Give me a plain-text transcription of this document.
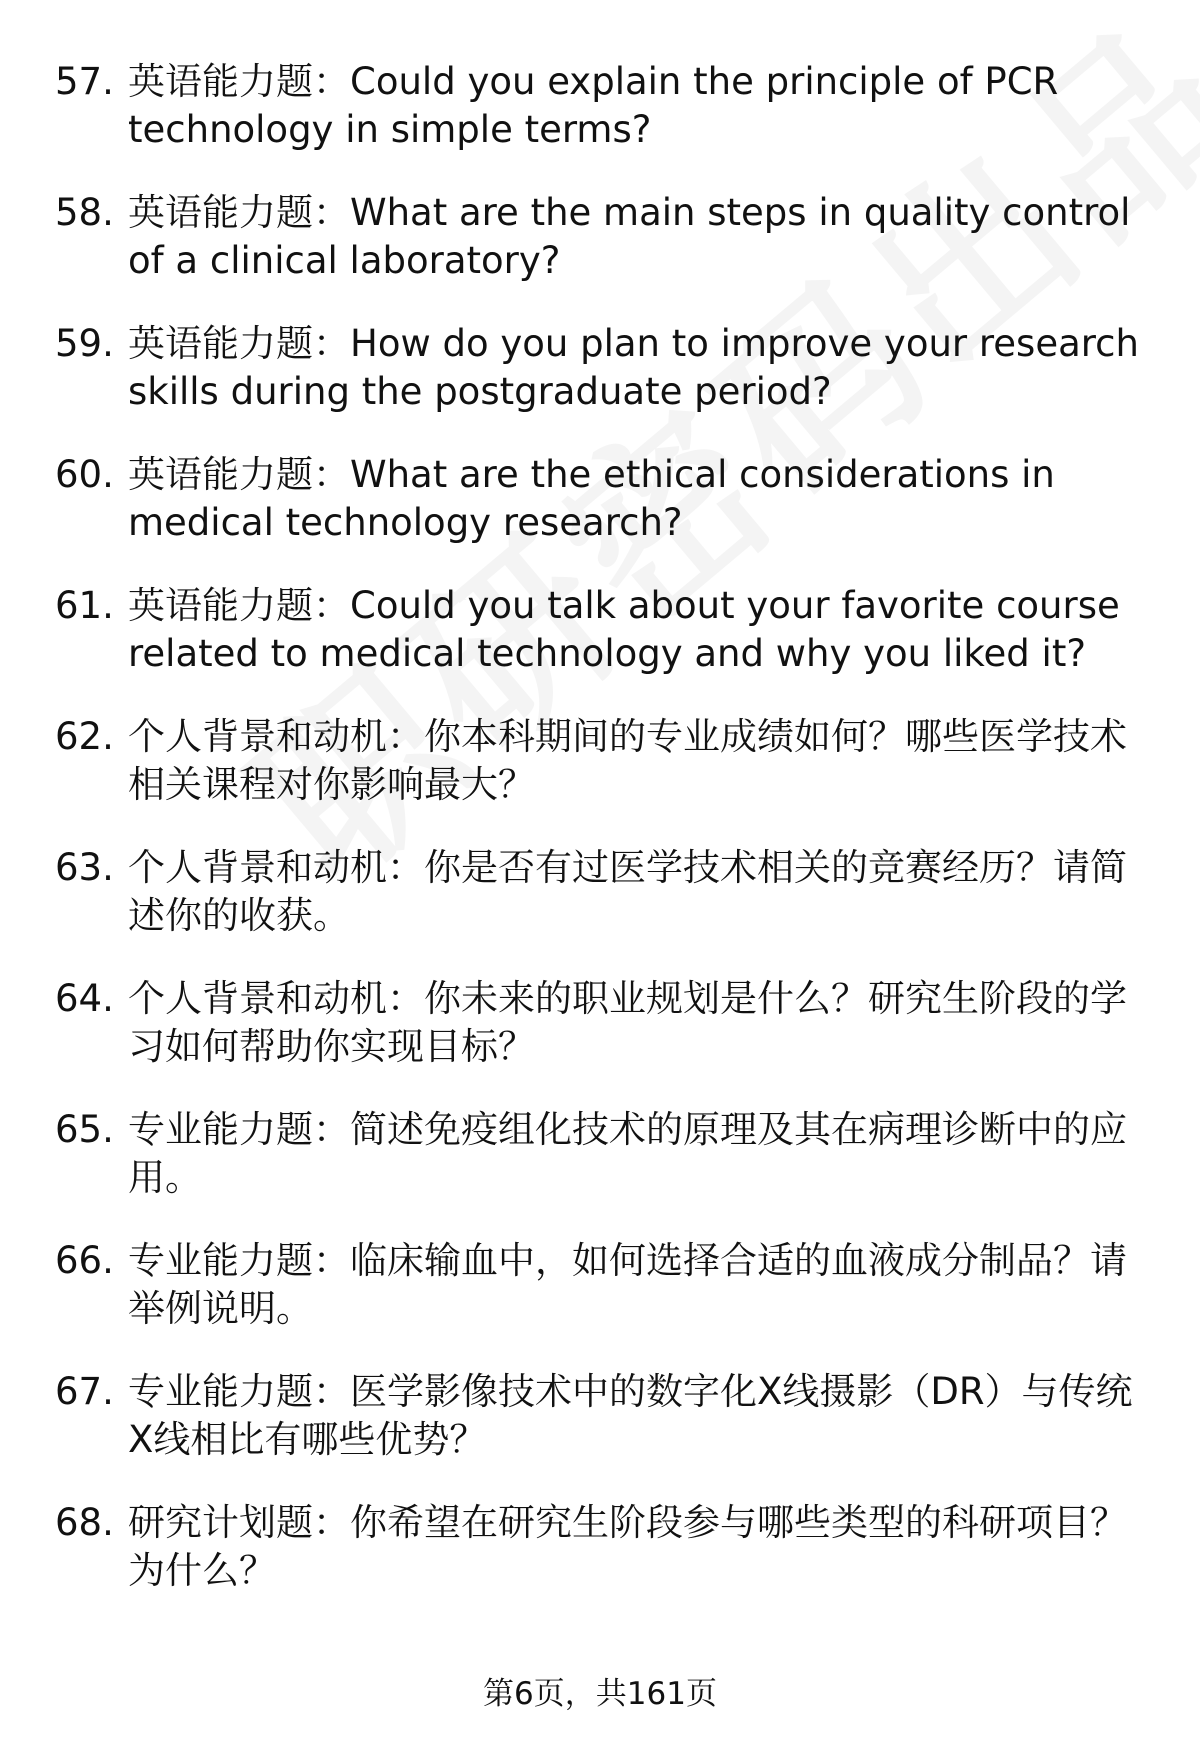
57. 英语能力题：Could you explain the principle of PCR technology in simple terms?
58. 英语能力题：What are the main steps in quality control of a clinical laboratory?
59. 英语能力题：How do you plan to improve your research skills during the postgraduate period?
60. 英语能力题：What are the ethical considerations in medical technology research?
61. 英语能力题：Could you talk about your favorite course related to medical technology and why you liked it?
62. 个人背景和动机：你本科期间的专业成绩如何？哪些医学技术相关课程对你影响最大？
63. 个人背景和动机：你是否有过医学技术相关的竞赛经历？请简述你的收获。
64. 个人背景和动机：你未来的职业规划是什么？研究生阶段的学习如何帮助你实现目标？
65. 专业能力题：简述免疫组化技术的原理及其在病理诊断中的应用。
66. 专业能力题：临床输血中，如何选择合适的血液成分制品？请举例说明。
67. 专业能力题：医学影像技术中的数字化X线摄影（DR）与传统X线相比有哪些优势？
68. 研究计划题：你希望在研究生阶段参与哪些类型的科研项目？为什么？
第6页，共161页
